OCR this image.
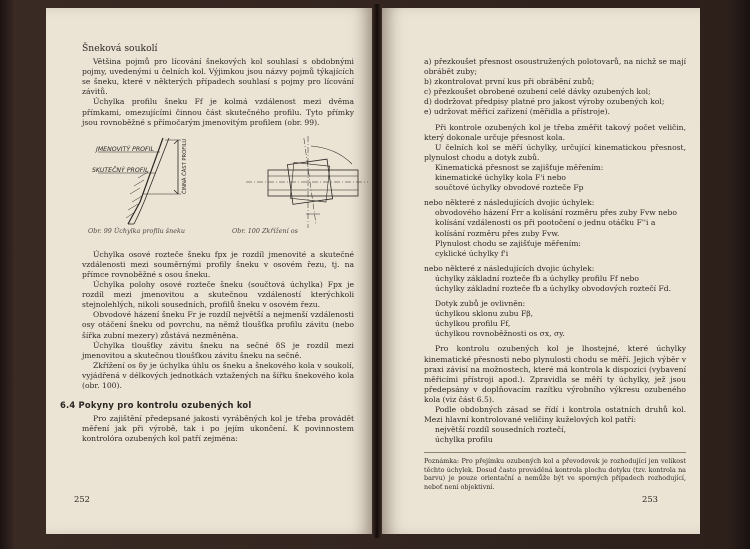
Šneková soukolí

Většina pojmů pro lícování šnekových kol souhlasí s obdobnými pojmy, uvedenými u čelních kol. Výjimkou jsou názvy pojmů týkajících se šneku, které v některých případech souhlasí s pojmy pro lícování závitů.

Úchylka profilu šneku Ff je kolmá vzdálenost mezi dvěma přímkami, omezujícími činnou část skutečného profilu. Tyto přímky jsou rovnoběžné s přímočarým jmenovitým profilem (obr. 99).

JMENOVITÝ PROFIL
SKUTEČNÝ PROFIL	ČINNÁ ČÁST PROFILU
Obr. 99 Úchylka profilu šneku	Obr. 100 Zkřížení os

Úchylka osové rozteče šneku fpx je rozdíl jmenovité a skutečné vzdálenosti mezi souměrnými profily šneku v osovém řezu, tj. na přímce rovnoběžné s osou šneku.

Úchylka polohy osové rozteče šneku (součtová úchylka) Fpx je rozdíl mezi jmenovitou a skutečnou vzdáleností kterýchkoli stejnolehlých, nikoli sousedních, profilů šneku v osovém řezu.

Obvodové házení šneku Fr je rozdíl největší a nejmenší vzdálenosti osy otáčení šneku od povrchu, na němž tloušťka profilu závitu (nebo šířka zubní mezery) zůstává nezměněna.

Úchylka tloušťky závitu šneku na sečné δS je rozdíl mezi jmenovitou a skutečnou tloušťkou závitu šneku na sečně.

Zkřížení os δy je úchylka úhlu os šneku a šnekového kola v soukolí, vyjádřená v délkových jednotkách vztažených na šířku šnekového kola (obr. 100).

6.4 Pokyny pro kontrolu ozubených kol

Pro zajištění předepsané jakosti vyráběných kol je třeba provádět měření jak při výrobě, tak i po jejím ukončení. K povinnostem kontrolóra ozubených kol patří zejména:

252

a) přezkoušet přesnost osoustružených polotovarů, na nichž se mají obrábět zuby;

b) zkontrolovat první kus při obrábění zubů;

c) přezkoušet obrobené ozubení celé dávky ozubených kol;

d) dodržovat předpisy platné pro jakost výroby ozubených kol;

e) udržovat měřicí zařízení (měřidla a přístroje).

Při kontrole ozubených kol je třeba změřit takový počet veličin, který dokonale určuje přesnost kola.

U čelních kol se měří úchylky, určující kinematickou přesnost, plynulost chodu a dotyk zubů.

Kinematická přesnost se zajišťuje měřením:

kinematické úchylky kola F'i nebo

součtové úchylky obvodové rozteče Fp

nebo některé z následujících dvojic úchylek:

obvodového házení Frr a kolísání rozměru přes zuby Fvw nebo

kolísání vzdálenosti os při pootočení o jednu otáčku F''i a

kolísání rozměru přes zuby Fvw.

Plynulost chodu se zajišťuje měřením:

cyklické úchylky f'i

nebo některé z následujících dvojic úchylek:

úchylky základní rozteče fb a úchylky profilu Ff nebo

úchylky základní rozteče fb a úchylky obvodových roztečí Fd.

Dotyk zubů je ovlivněn:

úchylkou sklonu zubu Fβ,

úchylkou profilu Ff,

úchylkou rovnoběžnosti os σx, σy.

Pro kontrolu ozubených kol je lhostejné, které úchylky kinematické přesnosti nebo plynulosti chodu se měří. Jejich výběr v praxi závisí na možnostech, které má kontrola k dispozici (vybavení měřicími přístroji apod.). Zpravidla se měří ty úchylky, jež jsou předepsány v doplňovacím razítku výrobního výkresu ozubeného kola (viz část 6.5).

Podle obdobných zásad se řídí i kontrola ostatních druhů kol. Mezi hlavní kontrolované veličiny kuželových kol patří:

největší rozdíl sousedních roztečí,

úchylka profilu

Poznámka: Pro přejímku ozubených kol a převodovek je rozhodující jen velikost těchto úchylek. Dosud často prováděná kontrola plochu dotyku (tzv. kontrola na barvu) je pouze orientační a nemůže být ve sporných případech rozhodující, neboť není objektivní.

253
